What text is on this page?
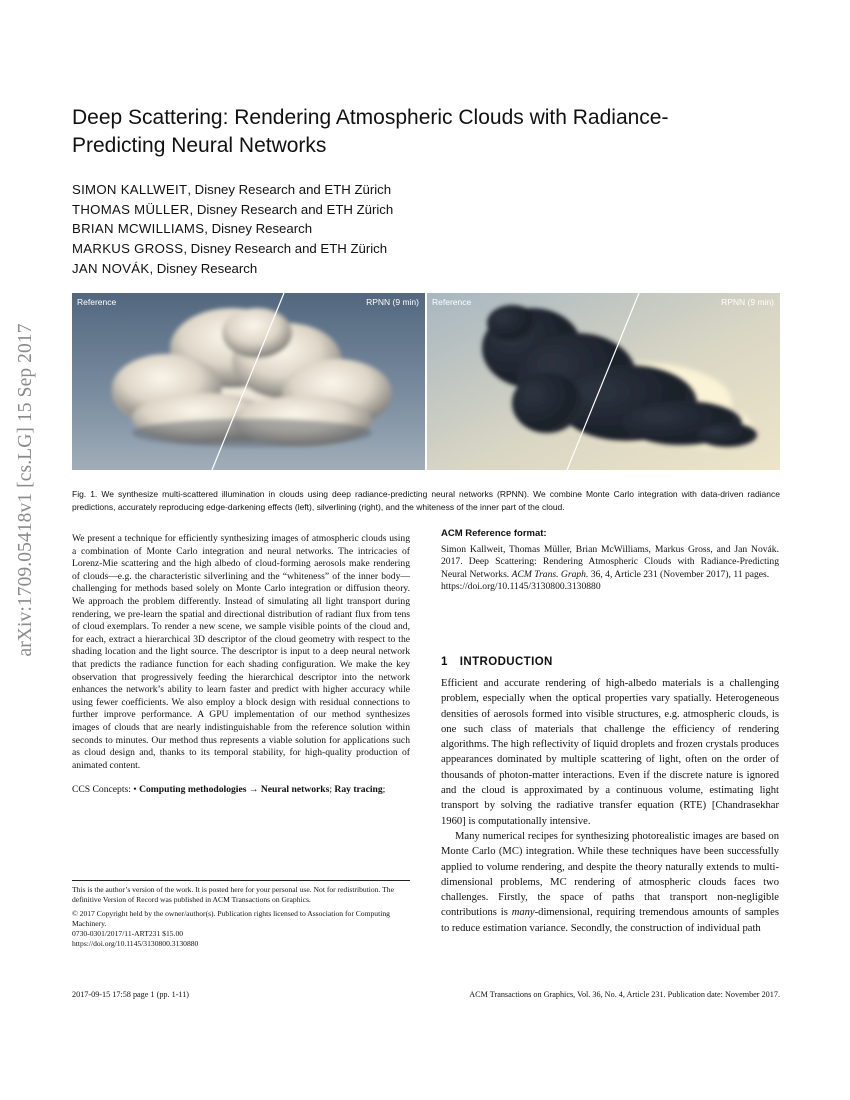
arXiv:1709.05418v1 [cs.LG] 15 Sep 2017
Deep Scattering: Rendering Atmospheric Clouds with Radiance-Predicting Neural Networks
SIMON KALLWEIT, Disney Research and ETH Zürich
THOMAS MÜLLER, Disney Research and ETH Zürich
BRIAN MCWILLIAMS, Disney Research
MARKUS GROSS, Disney Research and ETH Zürich
JAN NOVÁK, Disney Research
Reference	RPNN (9 min) Reference	RPNN (9 min)

Fig. 1. We synthesize multi-scattered illumination in clouds using deep radiance-predicting neural networks (RPNN). We combine Monte Carlo integration with data-driven radiance predictions, accurately reproducing edge-darkening effects (left), silverlining (right), and the whiteness of the inner part of the cloud.

We present a technique for efficiently synthesizing images of atmospheric clouds using a combination of Monte Carlo integration and neural networks. The intricacies of Lorenz-Mie scattering and the high albedo of cloud-forming aerosols make rendering of clouds—e.g. the characteristic silverlining and the “whiteness” of the inner body—challenging for methods based solely on Monte Carlo integration or diffusion theory. We approach the problem differently. Instead of simulating all light transport during rendering, we pre-learn the spatial and directional distribution of radiant flux from tens of cloud exemplars. To render a new scene, we sample visible points of the cloud and, for each, extract a hierarchical 3D descriptor of the cloud geometry with respect to the shading location and the light source. The descriptor is input to a deep neural network that predicts the radiance function for each shading configuration. We make the key observation that progressively feeding the hierarchical descriptor into the network enhances the network’s ability to learn faster and predict with higher accuracy while using fewer coefficients. We also employ a block design with residual connections to further improve performance. A GPU implementation of our method synthesizes images of clouds that are nearly indistinguishable from the reference solution within seconds to minutes. Our method thus represents a viable solution for applications such as cloud design and, thanks to its temporal stability, for high-quality production of animated content.

CCS Concepts: • Computing methodologies → Neural networks; Ray tracing;

This is the author’s version of the work. It is posted here for your personal use. Not for redistribution. The definitive Version of Record was published in ACM Transactions on Graphics.

© 2017 Copyright held by the owner/author(s). Publication rights licensed to Association for Computing Machinery.

0730-0301/2017/11-ART231 $15.00

https://doi.org/10.1145/3130800.3130880

ACM Reference format:

Simon Kallweit, Thomas Müller, Brian McWilliams, Markus Gross, and Jan Novák. 2017. Deep Scattering: Rendering Atmospheric Clouds with Radiance-Predicting Neural Networks. ACM Trans. Graph. 36, 4, Article 231 (November 2017), 11 pages.

https://doi.org/10.1145/3130800.3130880

1 INTRODUCTION

Efficient and accurate rendering of high-albedo materials is a challenging problem, especially when the optical properties vary spatially. Heterogeneous densities of aerosols formed into visible structures, e.g. atmospheric clouds, is one such class of materials that challenge the efficiency of rendering algorithms. The high reflectivity of liquid droplets and frozen crystals produces appearances dominated by multiple scattering of light, often on the order of thousands of photon-matter interactions. Even if the discrete nature is ignored and the cloud is approximated by a continuous volume, estimating light transport by solving the radiative transfer equation (RTE) [Chandrasekhar 1960] is computationally intensive.

Many numerical recipes for synthesizing photorealistic images are based on Monte Carlo (MC) integration. While these techniques have been successfully applied to volume rendering, and despite the theory naturally extends to multi-dimensional problems, MC rendering of atmospheric clouds faces two challenges. Firstly, the space of paths that transport non-negligible contributions is many-dimensional, requiring tremendous amounts of samples to reduce estimation variance. Secondly, the construction of individual path

2017-09-15 17:58 page 1 (pp. 1-11)	ACM Transactions on Graphics, Vol. 36, No. 4, Article 231. Publication date: November 2017.
